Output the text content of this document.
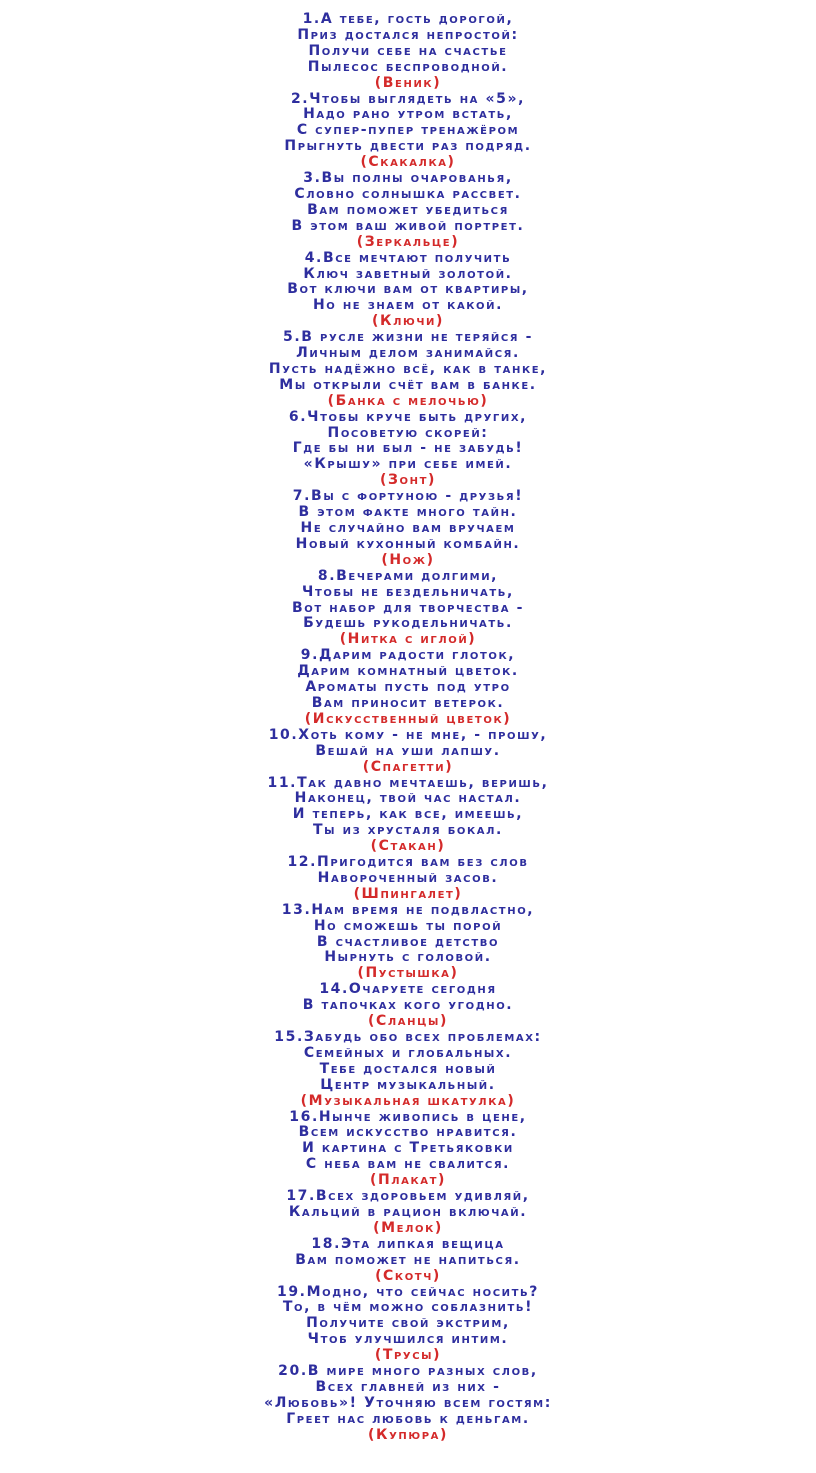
1.А тебе, гость дорогой,
Приз достался непростой:
Получи себе на счастье
Пылесос беспроводной.
(Веник)
2.Чтобы выглядеть на «5»,
Надо рано утром встать,
С супер-пупер тренажёром
Прыгнуть двести раз подряд.
(Скакалка)
3.Вы полны очарованья,
Словно солнышка рассвет.
Вам поможет убедиться
В этом ваш живой портрет.
(Зеркальце)
4.Все мечтают получить
Ключ заветный золотой.
Вот ключи вам от квартиры,
Но не знаем от какой.
(Ключи)
5.В русле жизни не теряйся -
Личным делом занимайся.
Пусть надёжно всё, как в танке,
Мы открыли счёт вам в банке.
(Банка с мелочью)
6.Чтобы круче быть других,
Посоветую скорей:
Где бы ни был - не забудь!
«Крышу» при себе имей.
(Зонт)
7.Вы с фортуною - друзья!
В этом факте много тайн.
Не случайно вам вручаем
Новый кухонный комбайн.
(Нож)
8.Вечерами долгими,
Чтобы не бездельничать,
Вот набор для творчества -
Будешь рукодельничать.
(Нитка с иглой)
9.Дарим радости глоток,
Дарим комнатный цветок.
Ароматы пусть под утро
Вам приносит ветерок.
(Искусственный цветок)
10.Хоть кому - не мне, - прошу,
Вешай на уши лапшу.
(Спагетти)
11.Так давно мечтаешь, веришь,
Наконец, твой час настал.
И теперь, как все, имеешь,
Ты из хрусталя бокал.
(Стакан)
12.Пригодится вам без слов
Навороченный засов.
(Шпингалет)
13.Нам время не подвластно,
Но сможешь ты порой
В счастливое детство
Нырнуть с головой.
(Пустышка)
14.Очаруете сегодня
В тапочках кого угодно.
(Сланцы)
15.Забудь обо всех проблемах:
Семейных и глобальных.
Тебе достался новый
Центр музыкальный.
(Музыкальная шкатулка)
16.Нынче живопись в цене,
Всем искусство нравится.
И картина с Третьяковки
С неба вам не свалится.
(Плакат)
17.Всех здоровьем удивляй,
Кальций в рацион включай.
(Мелок)
18.Эта липкая вещица
Вам поможет не напиться.
(Скотч)
19.Модно, что сейчас носить?
То, в чём можно соблазнить!
Получите свой экстрим,
Чтоб улучшился интим.
(Трусы)
20.В мире много разных слов,
Всех главней из них -
«Любовь»! Уточняю всем гостям:
Греет нас любовь к деньгам.
(Купюра)
